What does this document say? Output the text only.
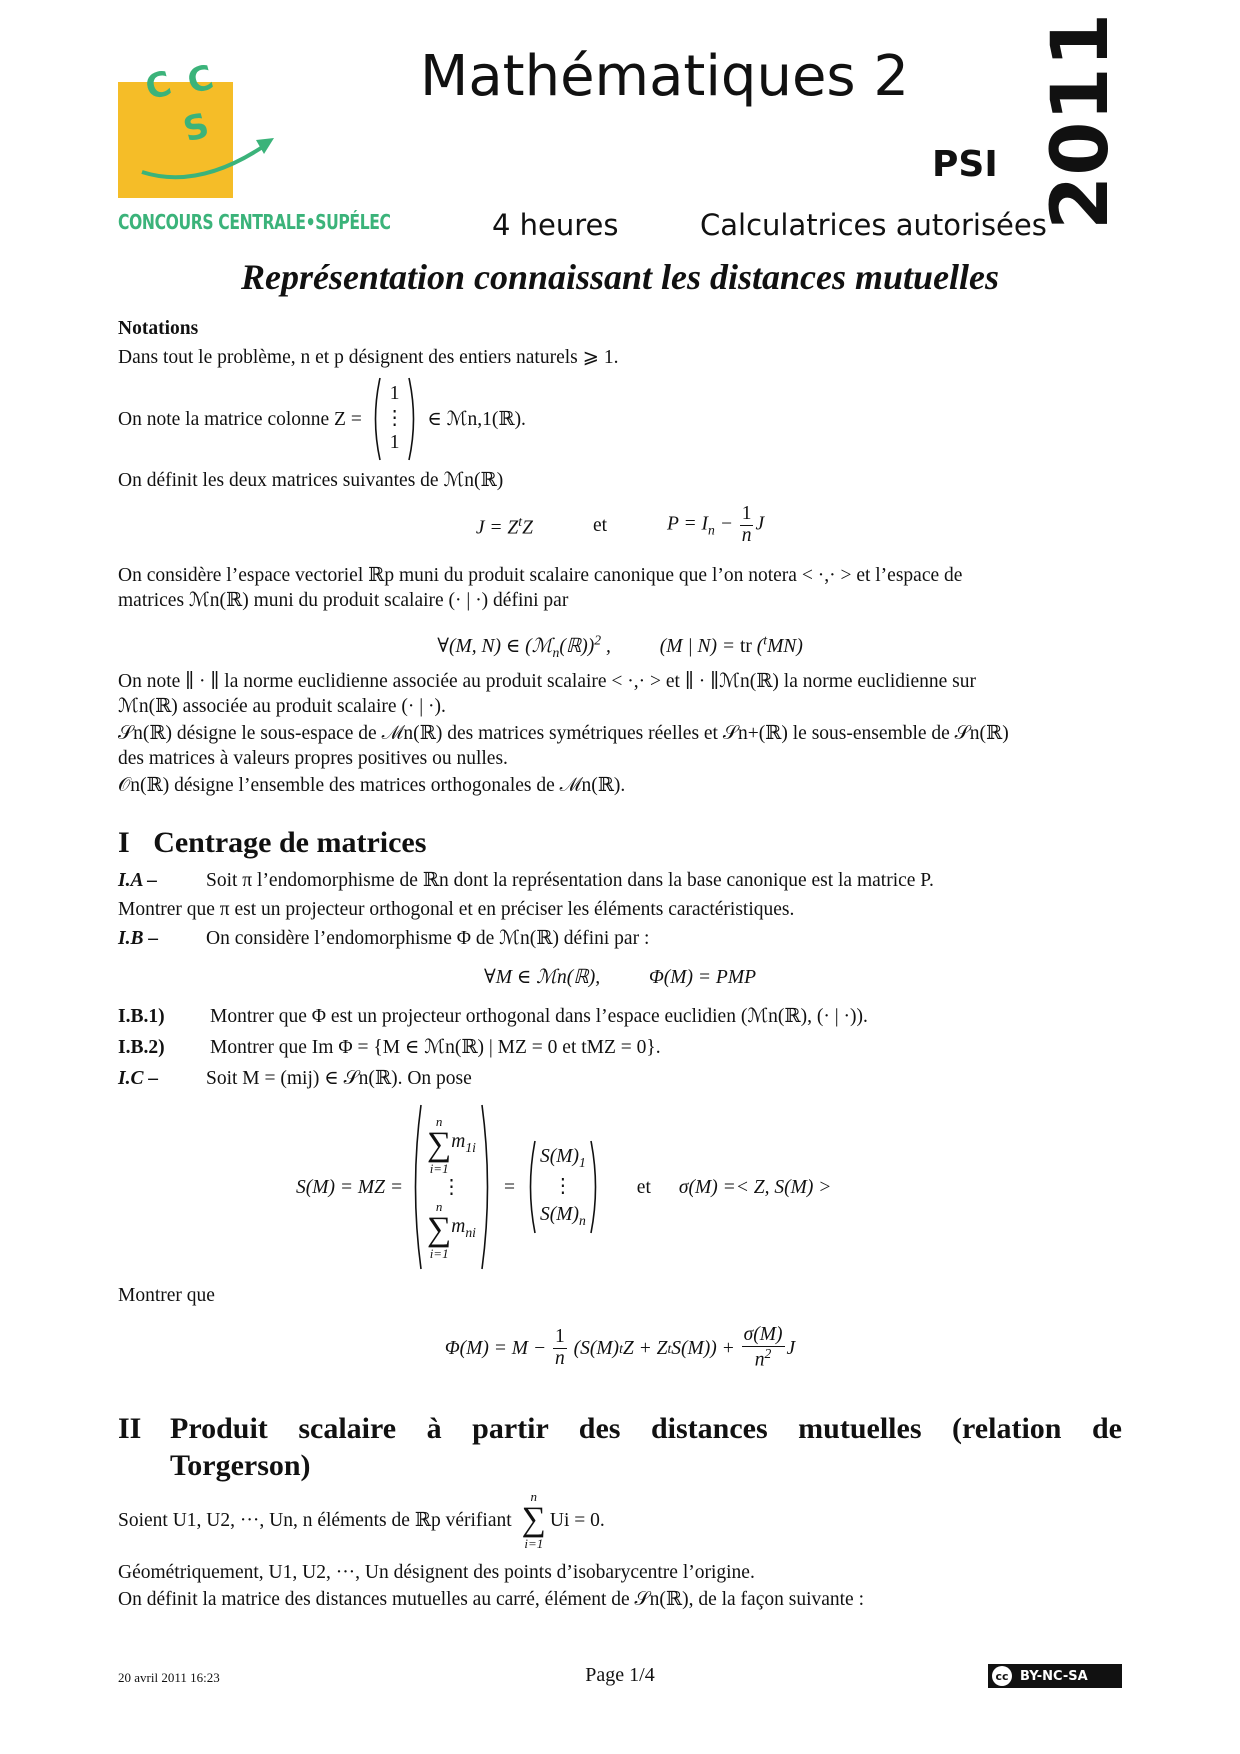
C C
S
CONCOURS CENTRALE•SUPÉLEC
Mathématiques 2
PSI 2011
4 heures	Calculatrices autorisées
Représentation connaissant les distances mutuelles
Notations
Dans tout le problème, n et p désignent des entiers naturels ⩾ 1.
On note la matrice colonne Z =
1
⋮
1
∈ ℳn,1(ℝ).
On définit les deux matrices suivantes de ℳn(ℝ)
$J = Z^tZ$	et	$P = I_n - \frac{1}{n}$ J
On considère l’espace vectoriel ℝp muni du produit scalaire canonique que l’on notera < ·,· > et l’espace de
matrices ℳn(ℝ) muni du produit scalaire (· | ·) défini par
∀(M, N) ∈ (ℳ$_n$(ℝ))$^2$ ,	(M | N) = tr ($^t$MN)
On note ∥ · ∥ la norme euclidienne associée au produit scalaire < ·,· > et ∥ · ∥ℳn(ℝ) la norme euclidienne sur
ℳn(ℝ) associée au produit scalaire (· | ·).
𝒮n(ℝ) désigne le sous-espace de ℳn(ℝ) des matrices symétriques réelles et 𝒮n+(ℝ) le sous-ensemble de 𝒮n(ℝ)
des matrices à valeurs propres positives ou nulles.
𝒪n(ℝ) désigne l’ensemble des matrices orthogonales de ℳn(ℝ).
I Centrage de matrices
I.A –	Soit π l’endomorphisme de ℝn dont la représentation dans la base canonique est la matrice P.
Montrer que π est un projecteur orthogonal et en préciser les éléments caractéristiques.
I.B – On considère l’endomorphisme Φ de ℳn(ℝ) défini par :
∀M ∈ ℳn(ℝ),	Φ(M) = PMP
I.B.1) Montrer que Φ est un projecteur orthogonal dans l’espace euclidien (ℳn(ℝ), (· | ·)).
I.B.2) Montrer que Im Φ = {M ∈ ℳn(ℝ) | MZ = 0 et tMZ = 0}.
I.C – Soit M = (mij) ∈ 𝒮n(ℝ). On pose
S(M) = MZ =
n
∑
i=1
$m_{1i}$
⋮
n
∑
i=1
$m_{ni}$
=
$S(M)_1$
⋮
$S(M)_n$
et σ(M) =< Z, S(M) >
Montrer que
$\Phi(M) = M - \frac{1}{n} (S(M)$ t Z + Z t $S(M)) + \frac{\sigma(M)}{n^2}$ J
II Produit scalaire à partir des distances mutuelles (relation de
Torgerson)
Soient U1, U2, ···, Un, n éléments de ℝp vérifiant
n
∑
i=1
Ui = 0.
Géométriquement, U1, U2, ···, Un désignent des points d’isobarycentre l’origine.
On définit la matrice des distances mutuelles au carré, élément de 𝒮n(ℝ), de la façon suivante :
20 avril 2011 16:23	Page 1/4	cc BY-NC-SA
